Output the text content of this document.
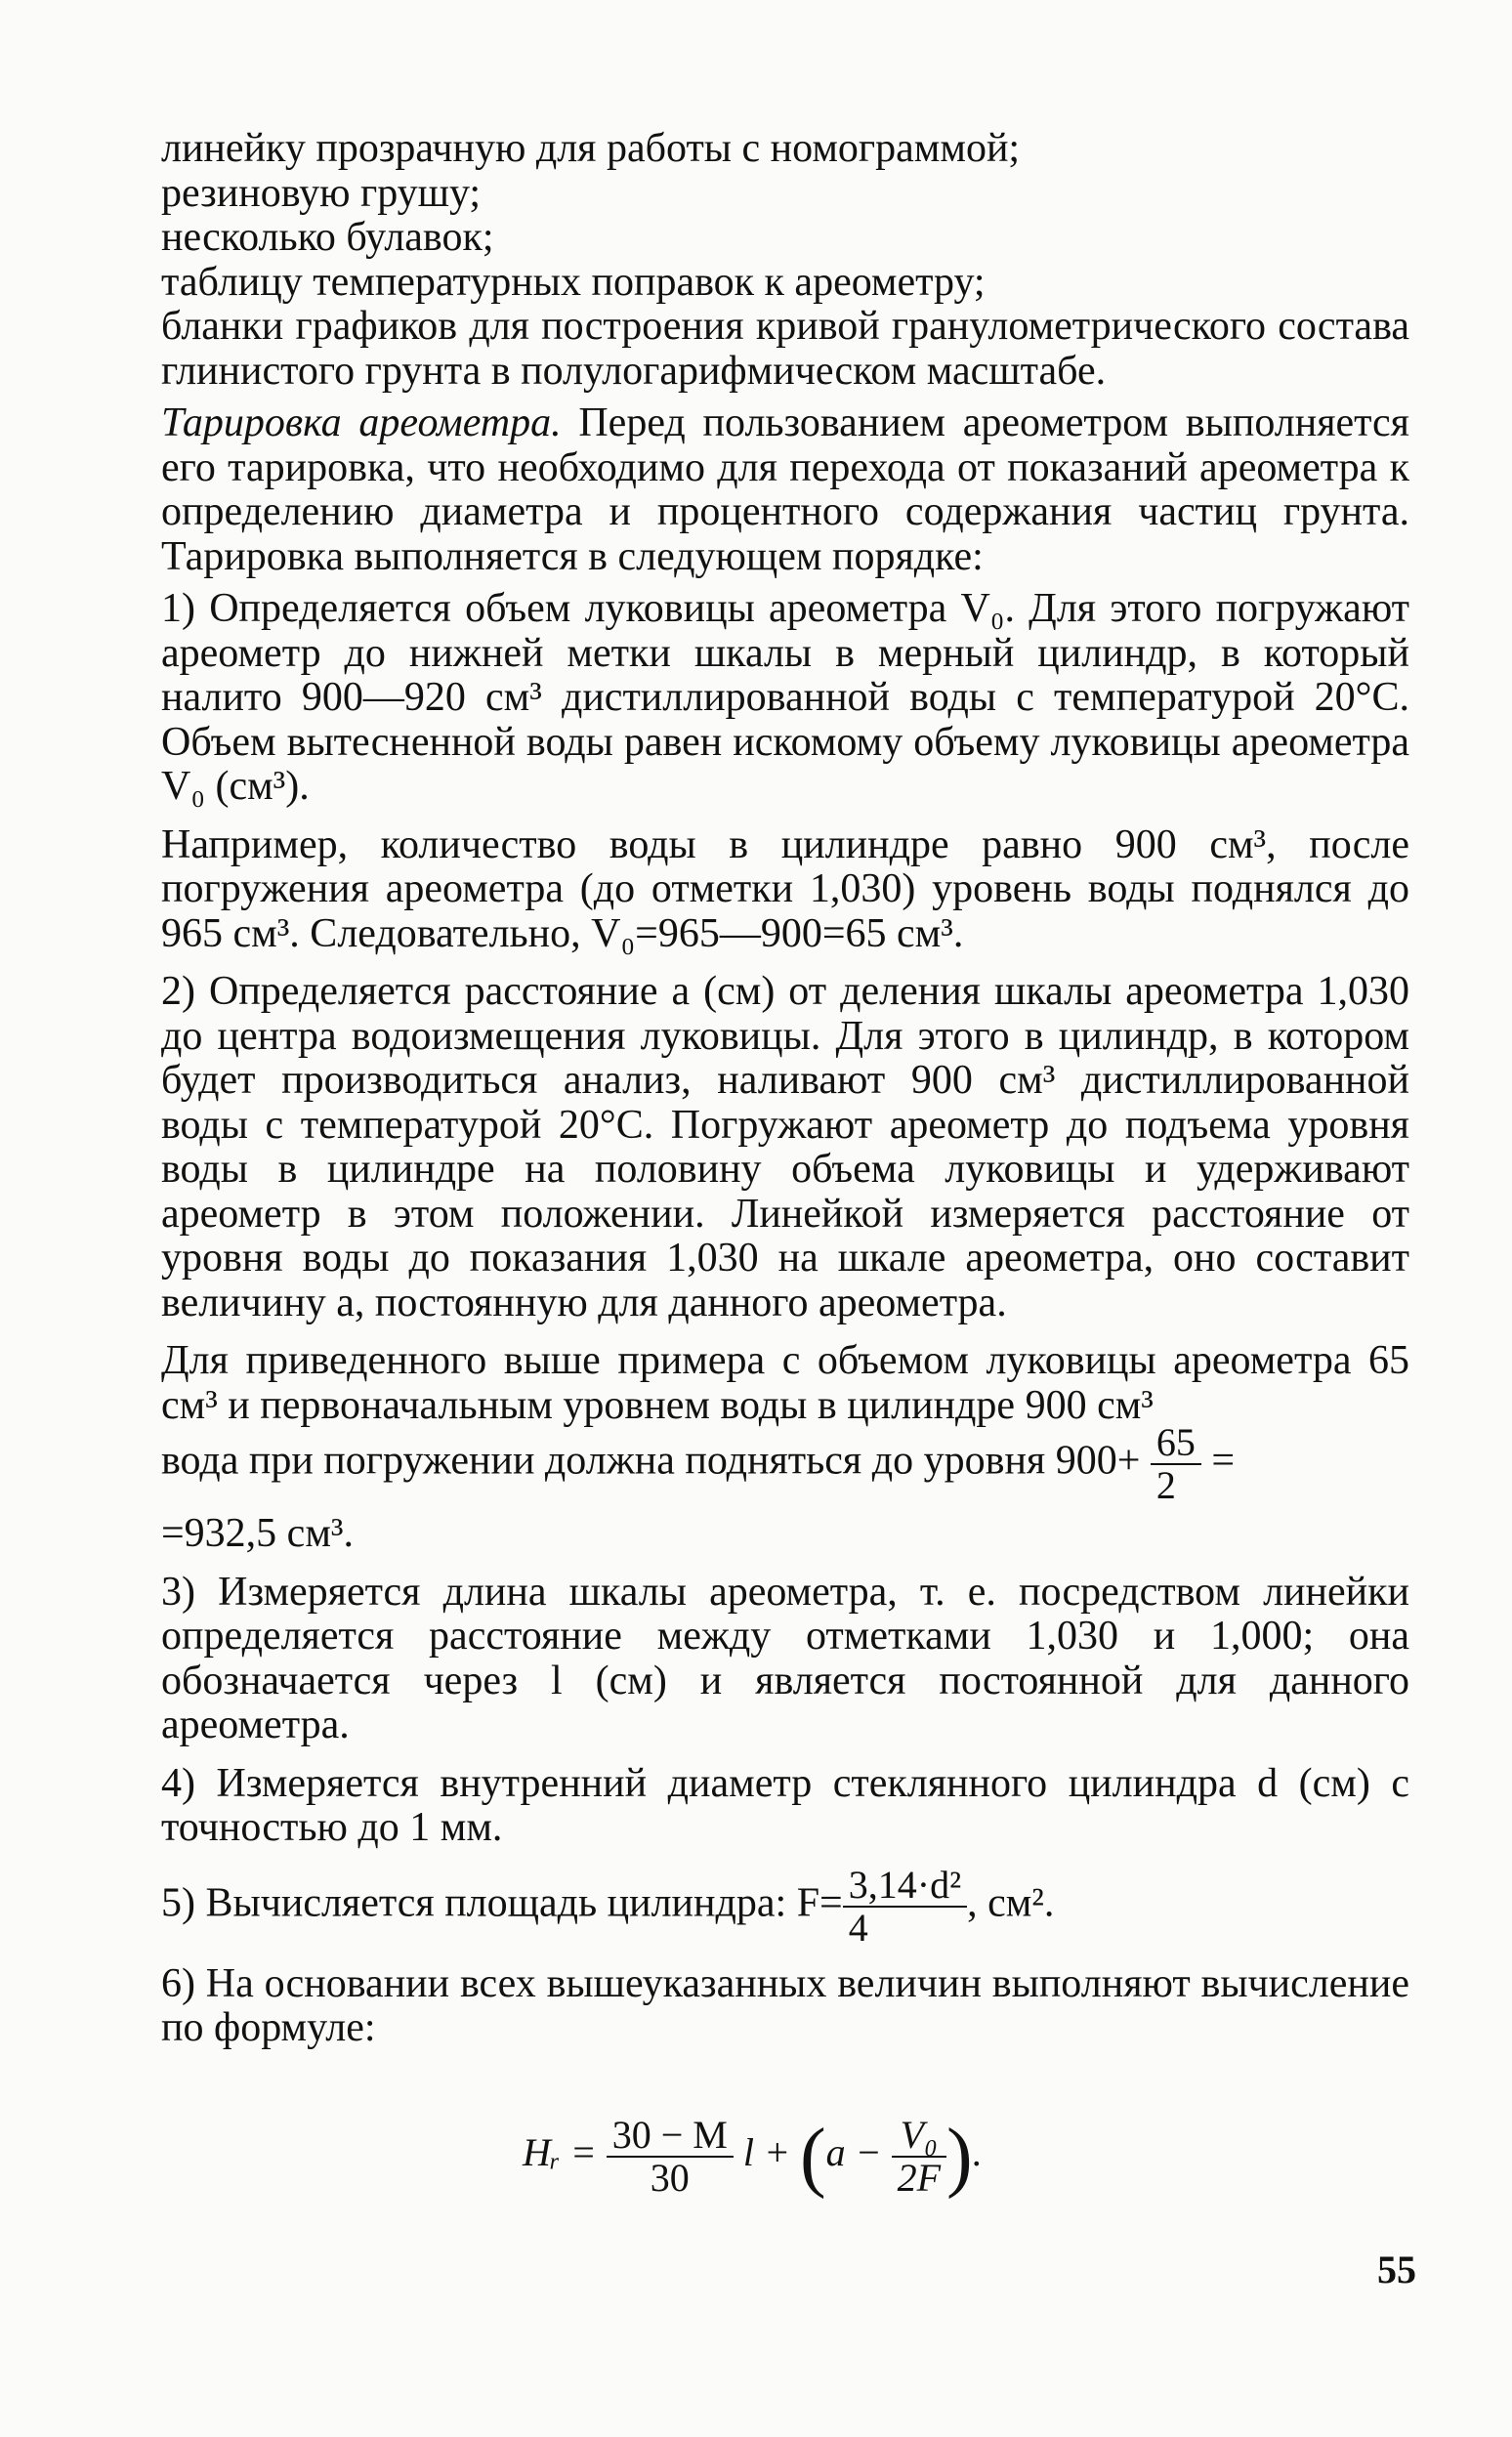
линейку прозрачную для работы с номограммой;
резиновую грушу;
несколько булавок;
таблицу температурных поправок к ареометру;

бланки графиков для построения кривой гранулометрического состава глинистого грунта в полулогарифмическом масштабе.

Тарировка ареометра. Перед пользованием ареометром выполняется его тарировка, что необходимо для перехода от показаний ареометра к определению диаметра и процентного содержания частиц грунта. Тарировка выполняется в следующем порядке:

1) Определяется объем луковицы ареометра V₀. Для этого погружают ареометр до нижней метки шкалы в мерный цилиндр, в который налито 900—920 см³ дистиллированной воды с температурой 20°С. Объем вытесненной воды равен искомому объему луковицы ареометра V₀ (см³).

Например, количество воды в цилиндре равно 900 см³, после погружения ареометра (до отметки 1,030) уровень воды поднялся до 965 см³. Следовательно, V₀=965—900=65 см³.

2) Определяется расстояние a (см) от деления шкалы ареометра 1,030 до центра водоизмещения луковицы. Для этого в цилиндр, в котором будет производиться анализ, наливают 900 см³ дистиллированной воды с температурой 20°С. Погружают ареометр до подъема уровня воды в цилиндре на половину объема луковицы и удерживают ареометр в этом положении. Линейкой измеряется расстояние от уровня воды до показания 1,030 на шкале ареометра, оно составит величину a, постоянную для данного ареометра.

Для приведенного выше примера с объемом луковицы ареометра 65 см³ и первоначальным уровнем воды в цилиндре 900 см³

вода при погружении должна подняться до уровня $900+ \frac{65}{2}$ =

=932,5 см³.

3) Измеряется длина шкалы ареометра, т. е. посредством линейки определяется расстояние между отметками 1,030 и 1,000; она обозначается через l (см) и является постоянной для данного ареометра.

4) Измеряется внутренний диаметр стеклянного цилиндра d (см) с точностью до 1 мм.

5) Вычисляется площадь цилиндра: $F= \frac{\text{3,14·d²}}{4}$ , см².

6) На основании всех вышеуказанных величин выполняют вычисление по формуле:

Hᵣ = $\frac{30 - M}{30}$ $l + (a - \frac{\text{V₀}}{2F}$ ).
55
